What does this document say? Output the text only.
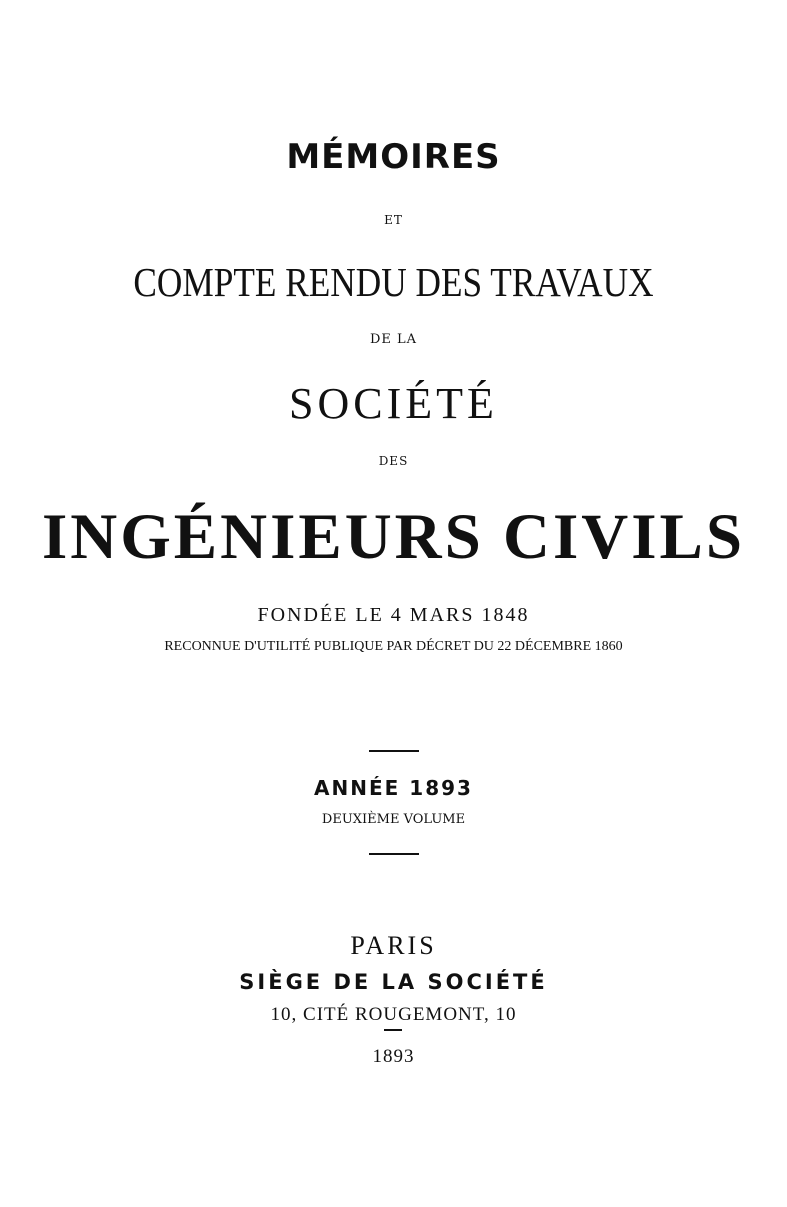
MÉMOIRES
ET
COMPTE RENDU DES TRAVAUX
DE LA
SOCIÉTÉ
DES
INGÉNIEURS CIVILS
FONDÉE LE 4 MARS 1848
RECONNUE D'UTILITÉ PUBLIQUE PAR DÉCRET DU 22 DÉCEMBRE 1860
ANNÉE 1893
DEUXIÈME VOLUME
PARIS
SIÈGE DE LA SOCIÉTÉ
10, CITÉ ROUGEMONT, 10
1893
